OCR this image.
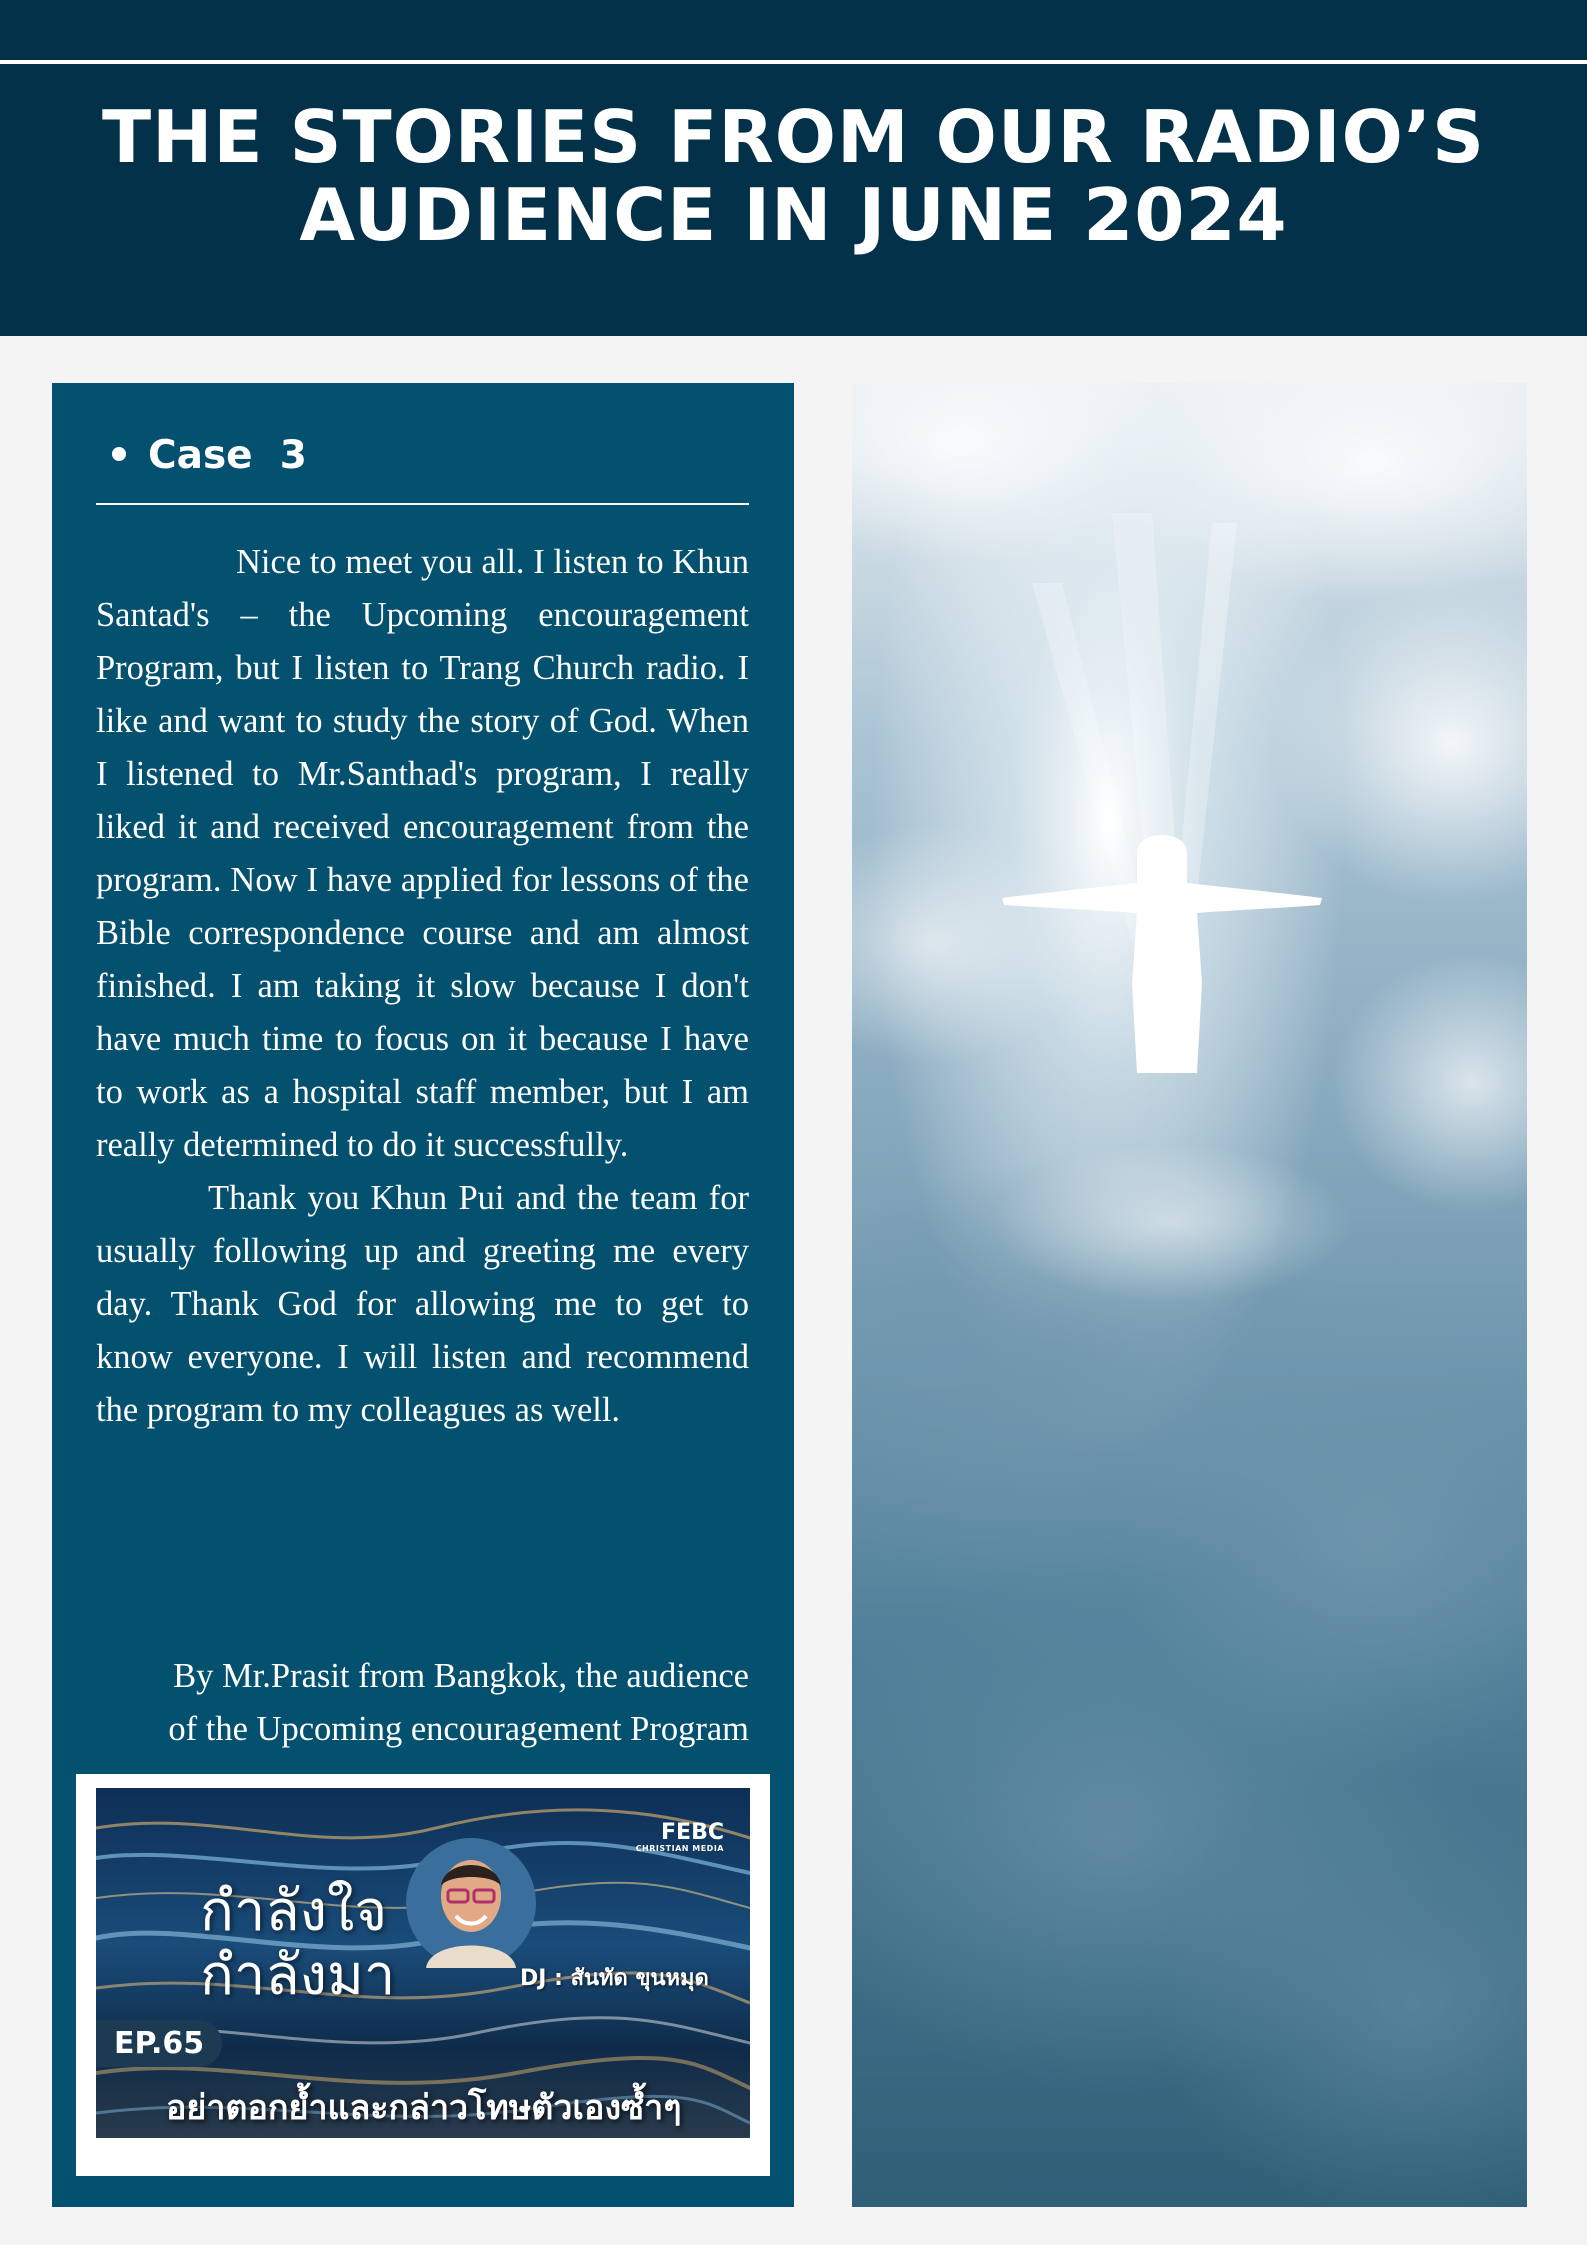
THE STORIES FROM OUR RADIO’S
AUDIENCE IN JUNE 2024
Case  3

Nice to meet you all. I listen to Khun Santad's – the Upcoming encouragement Program, but I listen to Trang Church radio. I like and want to study the story of God. When I listened to Mr.Santhad's program, I really liked it and received encouragement from the program. Now I have applied for lessons of the Bible correspondence course and am almost finished. I am taking it slow because I don't have much time to focus on it because I have to work as a hospital staff member, but I am really determined to do it successfully.

Thank you Khun Pui and the team for usually following up and greeting me every day. Thank God for allowing me to get to know everyone. I will listen and recommend the program to my colleagues as well.

By Mr.Prasit from Bangkok, the audience
of the Upcoming encouragement Program
กำลังใจ
กำลังมา
FEBC
CHRISTIAN MEDIA
DJ : สันทัด ขุนหมุด
EP.65
อย่าตอกย้ำและกล่าวโทษตัวเองซ้ำๆ
